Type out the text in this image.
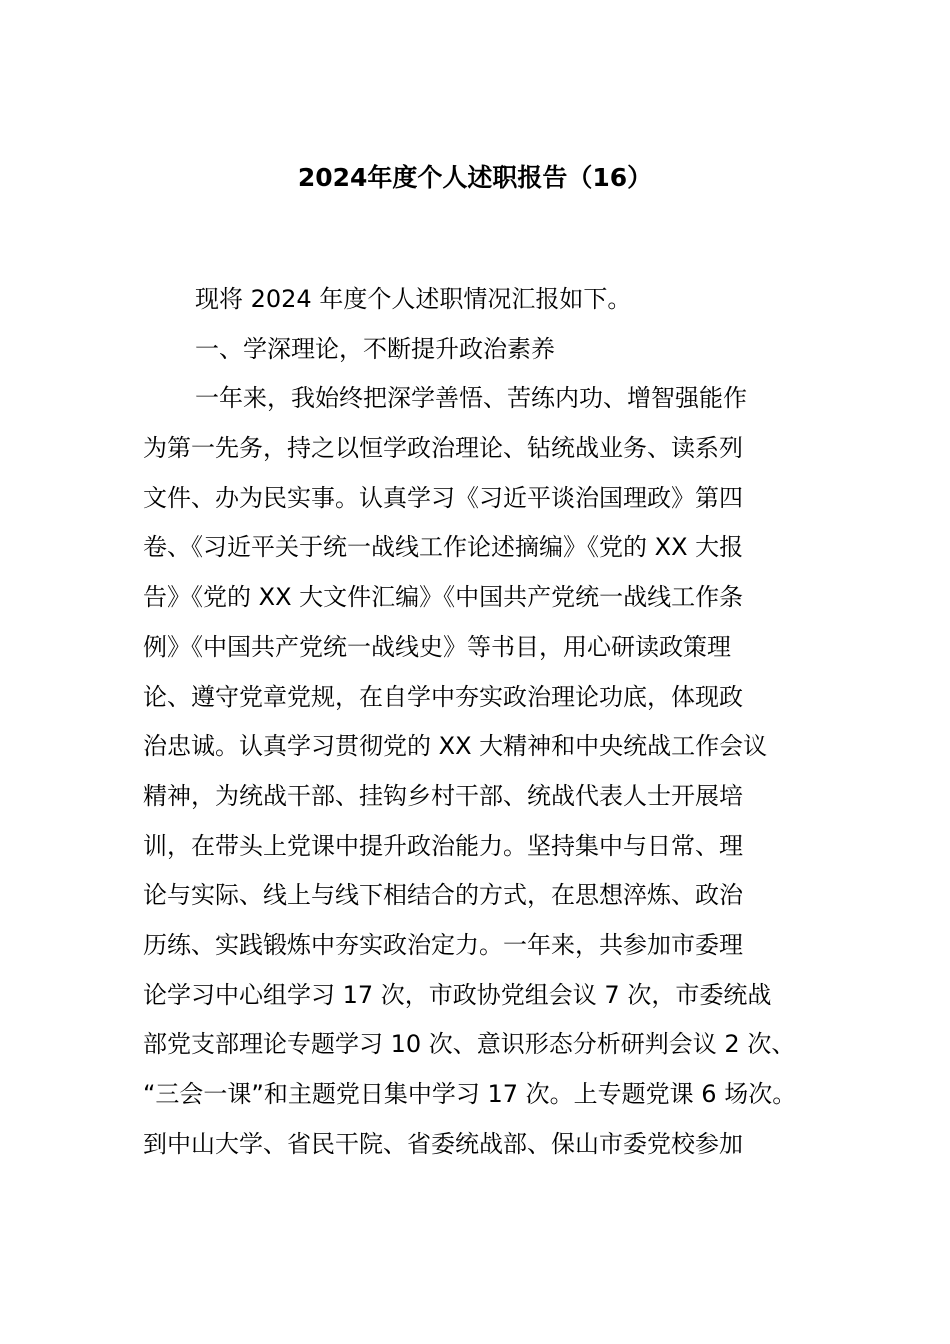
2024年度个人述职报告（16）
现将 2024 年度个人述职情况汇报如下。
一、学深理论，不断提升政治素养
一年来，我始终把深学善悟、苦练内功、增智强能作
为第一先务，持之以恒学政治理论、钻统战业务、读系列
文件、办为民实事。认真学习《习近平谈治国理政》第四
卷、《习近平关于统一战线工作论述摘编》《党的 XX 大报
告》《党的 XX 大文件汇编》《中国共产党统一战线工作条
例》《中国共产党统一战线史》等书目，用心研读政策理
论、遵守党章党规，在自学中夯实政治理论功底，体现政
治忠诚。认真学习贯彻党的 XX 大精神和中央统战工作会议
精神，为统战干部、挂钩乡村干部、统战代表人士开展培
训，在带头上党课中提升政治能力。坚持集中与日常、理
论与实际、线上与线下相结合的方式，在思想淬炼、政治
历练、实践锻炼中夯实政治定力。一年来，共参加市委理
论学习中心组学习 17 次，市政协党组会议 7 次，市委统战
部党支部理论专题学习 10 次、意识形态分析研判会议 2 次、
“三会一课”和主题党日集中学习 17 次。上专题党课 6 场次。
到中山大学、省民干院、省委统战部、保山市委党校参加
